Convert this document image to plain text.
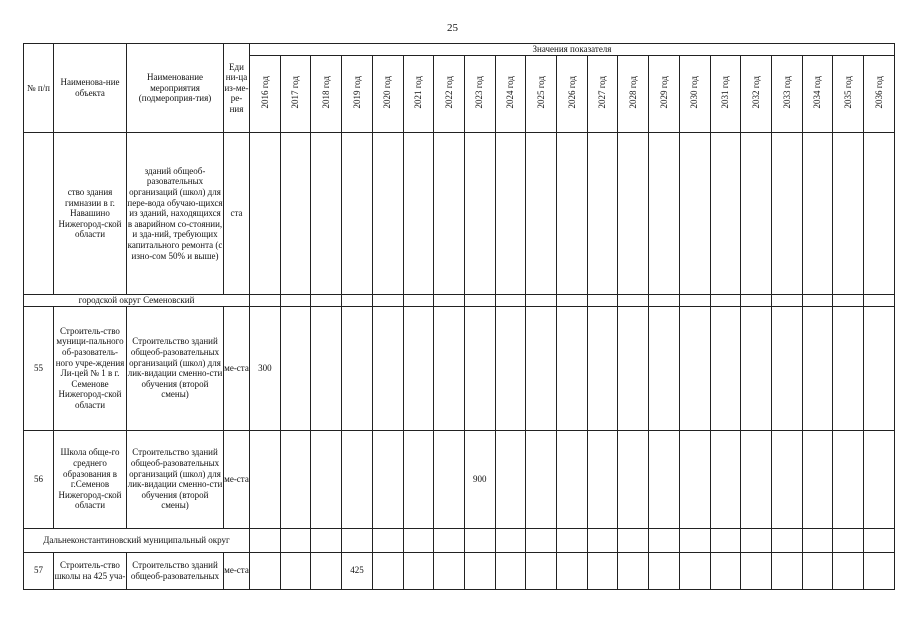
25
№ п/п	Наименова-ние объекта	Наименование мероприятия (подмероприя-тия)	Еди ни-ца из-ме-ре-ния	Значения показателя																				
				2016 год	2017 год	2018 год	2019 год	2020 год	2021 год	2022 год	2023 год	2024 год	2025 год	2026 год	2027 год	2028 год	2029 год	2030 год	2031 год	2032 год	2033 год	2034 год	2035 год	2036 год
	ство здания гимназии в г. Навашино Нижегород-ской области	зданий общеоб-разовательных организаций (школ) для пере-вода обучаю-щихся из зданий, находящихся в аварийном со-стоянии, и зда-ний, требующих капитального ремонта (с изно-сом 50% и выше)	ста																					
городской округ Семеновский																								
55	Строитель-ство муници-пального об-разователь-ного учре-ждения Ли-цей № 1 в г. Семенове Нижегород-ской области	Строительство зданий общеоб-разовательных организаций (школ) для лик-видации сменно-сти обучения (второй смены)	ме-ста	300																				
56	Школа обще-го среднего образования в г.Семенов Нижегород-ской области	Строительство зданий общеоб-разовательных организаций (школ) для лик-видации сменно-сти обучения (второй смены)	ме-ста								900													
Дальнеконстантиновский муниципальный округ																								
57	Строитель-ство школы на 425 уча-	Строительство зданий общеоб-разовательных	ме-ста				425																	
